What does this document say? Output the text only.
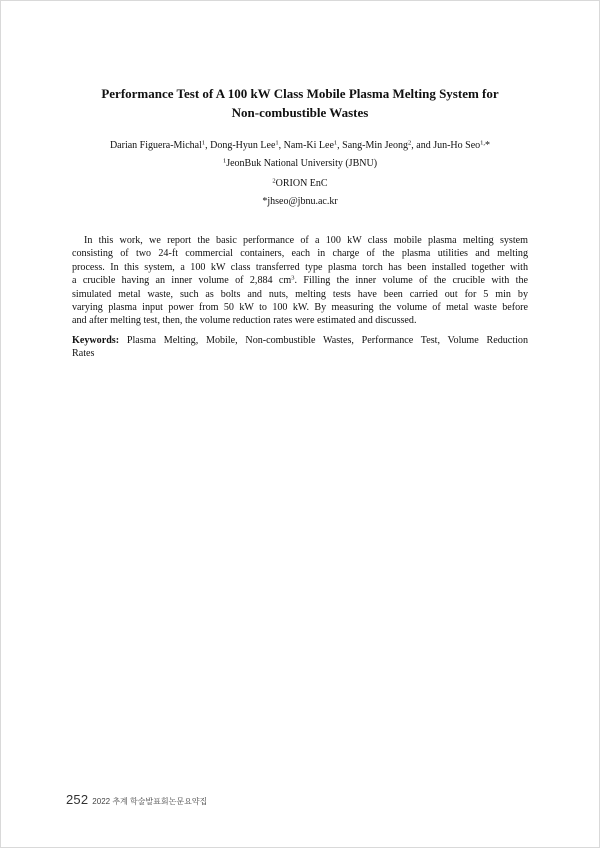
Performance Test of A 100 kW Class Mobile Plasma Melting System for
Non-combustible Wastes
Darian Figuera-Michal$^1$, Dong-Hyun Lee$^1$, Nam-Ki Lee$^1$, Sang-Min Jeong$^2$, and Jun-Ho Seo$^{1,}$*
$^1$JeonBuk National University (JBNU)
$^2$ORION EnC
*jhseo@jbnu.ac.kr
In this work, we report the basic performance of a 100 kW class mobile plasma melting system
consisting of two 24-ft commercial containers, each in charge of the plasma utilities and melting
process. In this system, a 100 kW class transferred type plasma torch has been installed together with
a crucible having an inner volume of 2,884 $cm^3$. Filling the inner volume of the crucible with the
simulated metal waste, such as bolts and nuts, melting tests have been carried out for 5 min by
varying plasma input power from 50 kW to 100 kW. By measuring the volume of metal waste before
and after melting test, then, the volume reduction rates were estimated and discussed.
Keywords: Plasma Melting, Mobile, Non-combustible Wastes, Performance Test, Volume Reduction
Rates
252 2022 추계 학술발표회논문요약집
